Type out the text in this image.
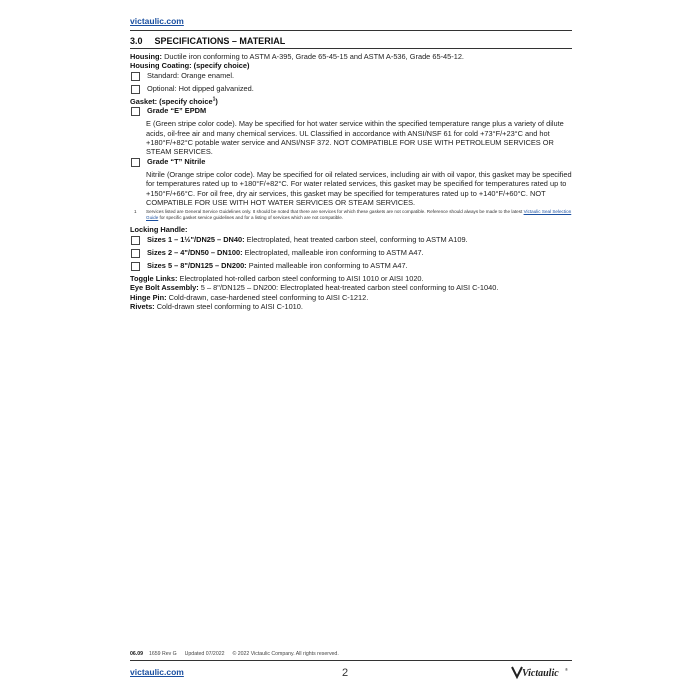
victaulic.com
3.0 SPECIFICATIONS – MATERIAL

Housing: Ductile iron conforming to ASTM A-395, Grade 65-45-15 and ASTM A-536, Grade 65-45-12.

Housing Coating: (specify choice)

Standard: Orange enamel.
Optional: Hot dipped galvanized.

Gasket: (specify choice$^1$)

Grade “E” EPDM

E (Green stripe color code). May be specified for hot water service within the specified temperature range plus a variety of dilute acids, oil-free air and many chemical services. UL Classified in accordance with ANSI/NSF 61 for cold +73°F/+23°C and hot +180°F/+82°C potable water service and ANSI/NSF 372. NOT COMPATIBLE FOR USE WITH PETROLEUM SERVICES OR STEAM SERVICES.

Grade “T” Nitrile

Nitrile (Orange stripe color code). May be specified for oil related services, including air with oil vapor, this gasket may be specified for temperatures rated up to +180°F/+82°C. For water related services, this gasket may be specified for temperatures rated up to +150°F/+66°C. For oil free, dry air services, this gasket may be specified for temperatures rated up to +140°F/+60°C. NOT COMPATIBLE FOR USE WITH HOT WATER SERVICES OR STEAM SERVICES.

1	Services listed are General Service Guidelines only. It should be noted that there are services for which these gaskets are not compatible. Reference should always be made to the latest Victaulic Seal Selection Guide for specific gasket service guidelines and for a listing of services which are not compatible.

Locking Handle:

Sizes 1 – 1½"/DN25 – DN40: Electroplated, heat treated carbon steel, conforming to ASTM A109.
Sizes 2 – 4"/DN50 – DN100: Electroplated, malleable iron conforming to ASTM A47.
Sizes 5 – 8"/DN125 – DN200: Painted malleable iron conforming to ASTM A47.

Toggle Links: Electroplated hot-rolled carbon steel conforming to AISI 1010 or AISI 1020.

Eye Bolt Assembly: 5 – 8"/DN125 – DN200: Electroplated heat-treated carbon steel conforming to AISI C-1040.

Hinge Pin: Cold-drawn, case-hardened steel conforming to AISI C-1212.

Rivets: Cold-drawn steel conforming to AISI C-1010.

06.09 1659 Rev G Updated 07/2022 © 2022 Victaulic Company. All rights reserved.
victaulic.com	2	Victaulic ®
